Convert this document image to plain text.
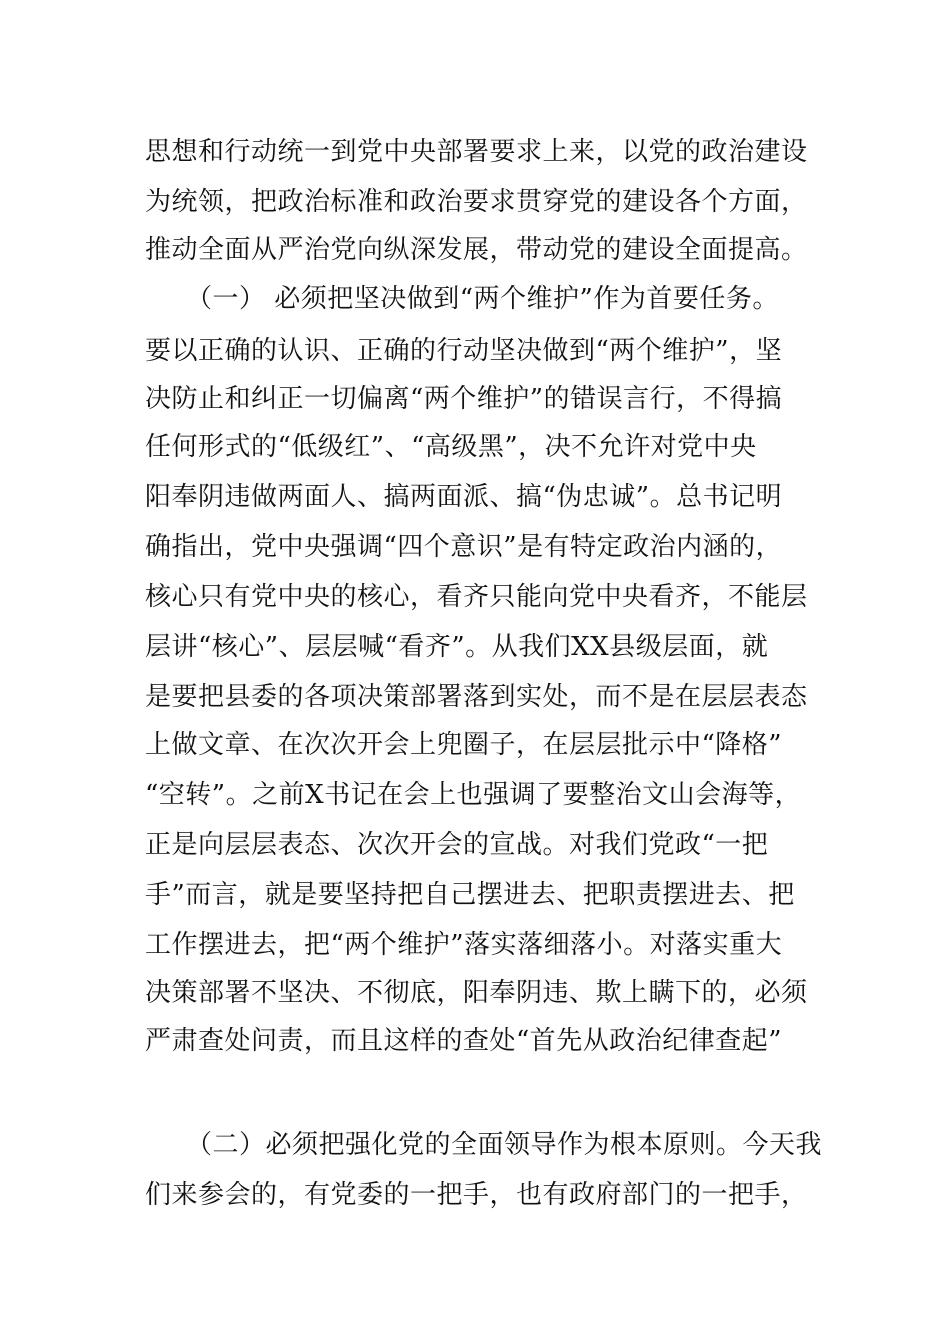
思想和行动统一到党中央部署要求上来，以党的政治建设
为统领，把政治标准和政治要求贯穿党的建设各个方面，
推动全面从严治党向纵深发展，带动党的建设全面提高。
（一） 必须把坚决做到“两个维护”作为首要任务。
要以正确的认识、正确的行动坚决做到“两个维护”，坚
决防止和纠正一切偏离“两个维护”的错误言行，不得搞
任何形式的“低级红”、“高级黑”，决不允许对党中央
阳奉阴违做两面人、搞两面派、搞“伪忠诚”。总书记明
确指出，党中央强调“四个意识”是有特定政治内涵的，
核心只有党中央的核心，看齐只能向党中央看齐，不能层
层讲“核心”、层层喊“看齐”。从我们XX县级层面，就
是要把县委的各项决策部署落到实处，而不是在层层表态
上做文章、在次次开会上兜圈子，在层层批示中“降格”
“空转”。之前X书记在会上也强调了要整治文山会海等，
正是向层层表态、次次开会的宣战。对我们党政“一把
手”而言，就是要坚持把自己摆进去、把职责摆进去、把
工作摆进去，把“两个维护”落实落细落小。对落实重大
决策部署不坚决、不彻底，阳奉阴违、欺上瞒下的，必须
严肃查处问责，而且这样的查处“首先从政治纪律查起”
（二）必须把强化党的全面领导作为根本原则。今天我
们来参会的，有党委的一把手，也有政府部门的一把手，
